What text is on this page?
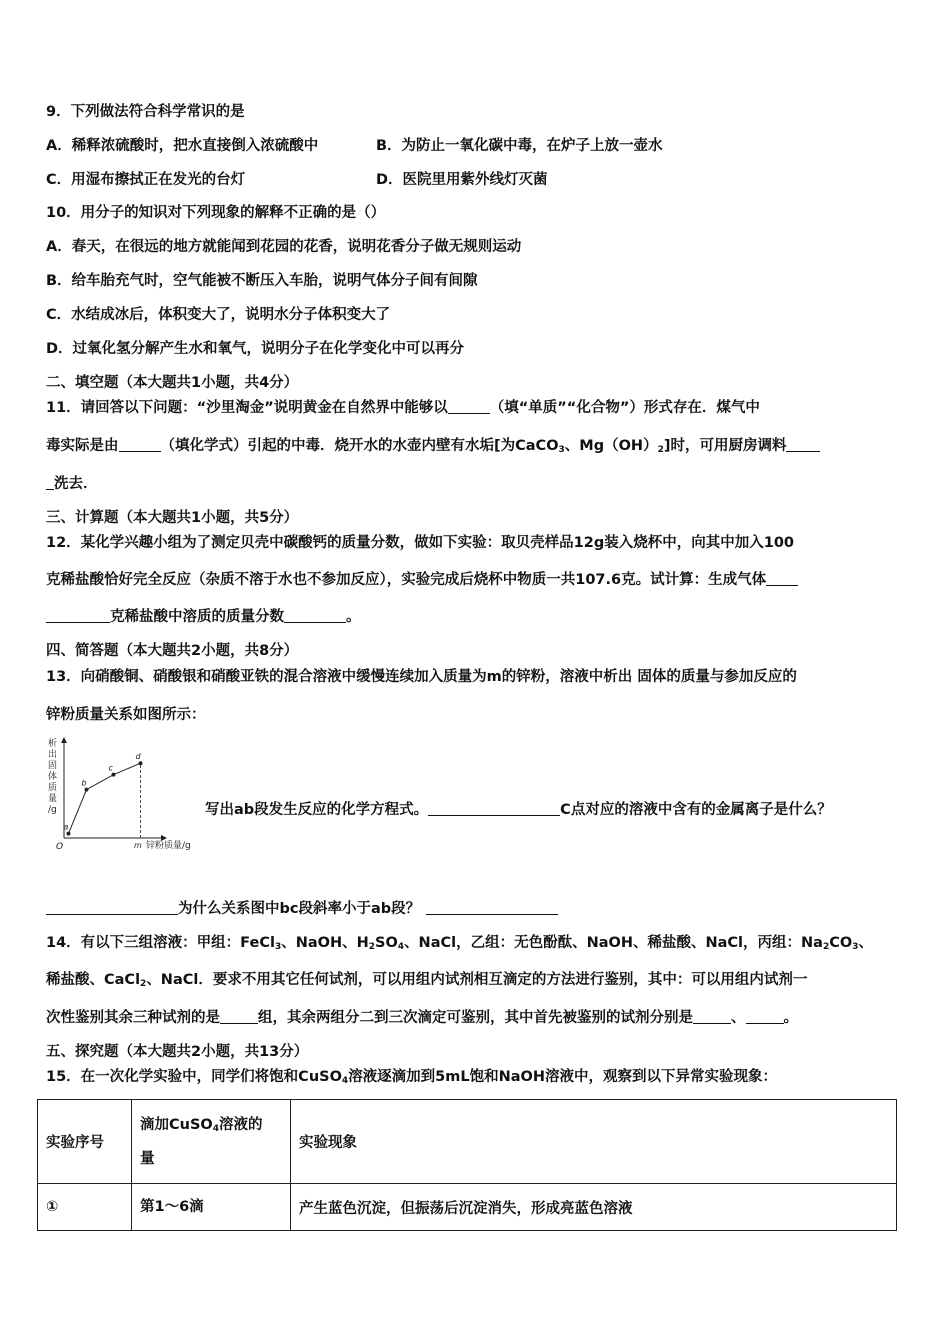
9．下列做法符合科学常识的是
A．稀释浓硫酸时，把水直接倒入浓硫酸中	B．为防止一氧化碳中毒，在炉子上放一壶水
C．用湿布擦拭正在发光的台灯	D．医院里用紫外线灯灭菌
10．用分子的知识对下列现象的解释不正确的是（）
A．春天，在很远的地方就能闻到花园的花香，说明花香分子做无规则运动
B．给车胎充气时，空气能被不断压入车胎，说明气体分子间有间隙
C．水结成冰后，体积变大了，说明水分子体积变大了
D．过氧化氢分解产生水和氧气，说明分子在化学变化中可以再分
二、填空题（本大题共1小题，共4分）
11．请回答以下问题：“沙里淘金”说明黄金在自然界中能够以	（填“单质”“化合物”）形式存在．煤气中
毒实际是由	（填化学式）引起的中毒．烧开水的水壶内壁有水垢[为CaCO$_3$、$Mg(OH)_2$]时，可用厨房调料
洗去．
三、计算题（本大题共1小题，共5分）
12．某化学兴趣小组为了测定贝壳中碳酸钙的质量分数，做如下实验：取贝壳样品12g装入烧杯中，向其中加入100
克稀盐酸恰好完全反应（杂质不溶于水也不参加反应），实验完成后烧杯中物质一共107.6克。试计算：生成气体
克稀盐酸中溶质的质量分数	。
四、简答题（本大题共2小题，共8分）
13．向硝酸铜、硝酸银和硝酸亚铁的混合溶液中缓慢连续加入质量为m的锌粉，溶液中析出 固体的质量与参加反应的
锌粉质量关系如图所示：
析
出
固
体
质
量
/g
O	m 锌粉质量/g
a
b
c
d
写出ab段发生反应的化学方程式。	C点对应的溶液中含有的金属离子是什么？
为什么关系图中bc段斜率小于ab段？
14．有以下三组溶液：甲组：FeCl$_3$、NaOH、$H_2SO_4$、NaCl，乙组：无色酚酞、NaOH、稀盐酸、NaCl，丙组：$Na_2CO_3$、
稀盐酸、CaCl$_2$、NaCl．要求不用其它任何试剂，可以用组内试剂相互滴定的方法进行鉴别，其中：可以用组内试剂一
次性鉴别其余三种试剂的是	组，其余两组分二到三次滴定可鉴别，其中首先被鉴别的试剂分别是	、	。
五、探究题（本大题共2小题，共13分）
15．在一次化学实验中，同学们将饱和CuSO$_4$溶液逐滴加到5mL饱和NaOH溶液中，观察到以下异常实验现象：
实验序号	滴加CuSO$_4$溶液的
量	实验现象
①	第1～6滴	产生蓝色沉淀，但振荡后沉淀消失，形成亮蓝色溶液
